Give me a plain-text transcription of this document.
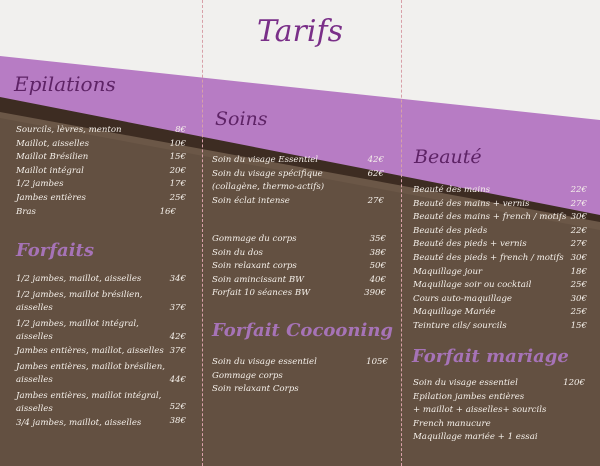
Tarifs
Epilations
Sourcils, lèvres, menton	8€
Maillot, aisselles	10€
Maillot Brésilien	15€
Maillot intégral	20€
1/2 jambes	17€
Jambes entières	25€
Bras	16€
Forfaits
1/2 jambes, maillot, aisselles	34€
1/2 jambes, maillot brésilien,
aisselles	37€
1/2 jambes, maillot intégral,
aisselles	42€
Jambes entières, maillot, aisselles 37€
Jambes entières, maillot brésilien,
aisselles	44€
Jambes entières, maillot intégral,
aisselles	52€
3/4 jambes, maillot, aisselles	38€
Soins
Soin du visage Essentiel	42€
Soin du visage spécifique	62€
(collagène, thermo-actifs)
Soin éclat intense	27€
Gommage du corps	35€
Soin du dos	38€
Soin relaxant corps	50€
Soin amincissant BW	40€
Forfait 10 séances BW	390€
Forfait Cocooning
Soin du visage essentiel	105€
Gommage corps
Soin relaxant Corps
Beauté
Beauté des mains	22€
Beauté des mains + vernis	27€
Beauté des mains + french / motifs 30€
Beauté des pieds	22€
Beauté des pieds + vernis	27€
Beauté des pieds + french / motifs 30€
Maquillage jour	18€
Maquillage soir ou cocktail	25€
Cours auto-maquillage	30€
Maquillage Mariée	25€
Teinture cils/ sourcils	15€
Forfait mariage
Soin du visage essentiel	120€
Epilation jambes entières
+ maillot + aisselles+ sourcils
French manucure
Maquillage mariée + 1 essai
